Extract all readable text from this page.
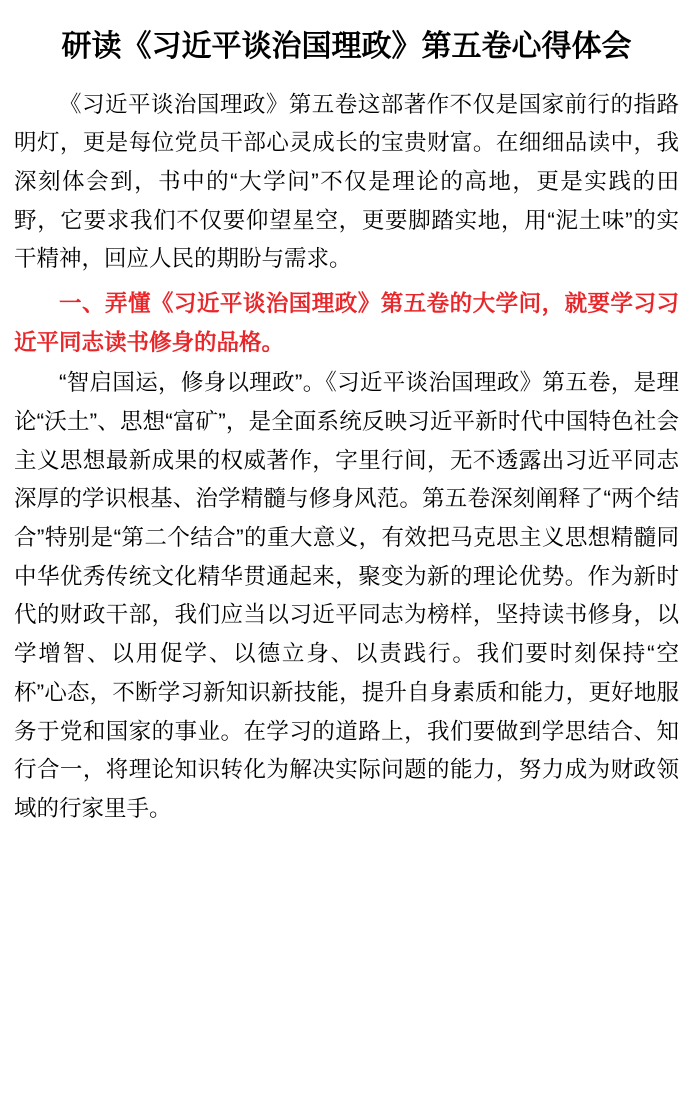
研读《习近平谈治国理政》第五卷心得体会

《习近平谈治国理政》第五卷这部著作不仅是国家前行的指路明灯，更是每位党员干部心灵成长的宝贵财富。在细细品读中，我深刻体会到，书中的“大学问”不仅是理论的高地，更是实践的田野，它要求我们不仅要仰望星空，更要脚踏实地，用“泥土味”的实干精神，回应人民的期盼与需求。

一、弄懂《习近平谈治国理政》第五卷的大学问，就要学习习近平同志读书修身的品格。

“智启国运，修身以理政”。《习近平谈治国理政》第五卷，是理论“沃土”、思想“富矿”，是全面系统反映习近平新时代中国特色社会主义思想最新成果的权威著作，字里行间，无不透露出习近平同志深厚的学识根基、治学精髓与修身风范。第五卷深刻阐释了“两个结合”特别是“第二个结合”的重大意义，有效把马克思主义思想精髓同中华优秀传统文化精华贯通起来，聚变为新的理论优势。作为新时代的财政干部，我们应当以习近平同志为榜样，坚持读书修身，以学增智、以用促学、以德立身、以责践行。我们要时刻保持“空杯”心态，不断学习新知识新技能，提升自身素质和能力，更好地服务于党和国家的事业。在学习的道路上，我们要做到学思结合、知行合一，将理论知识转化为解决实际问题的能力，努力成为财政领域的行家里手。
